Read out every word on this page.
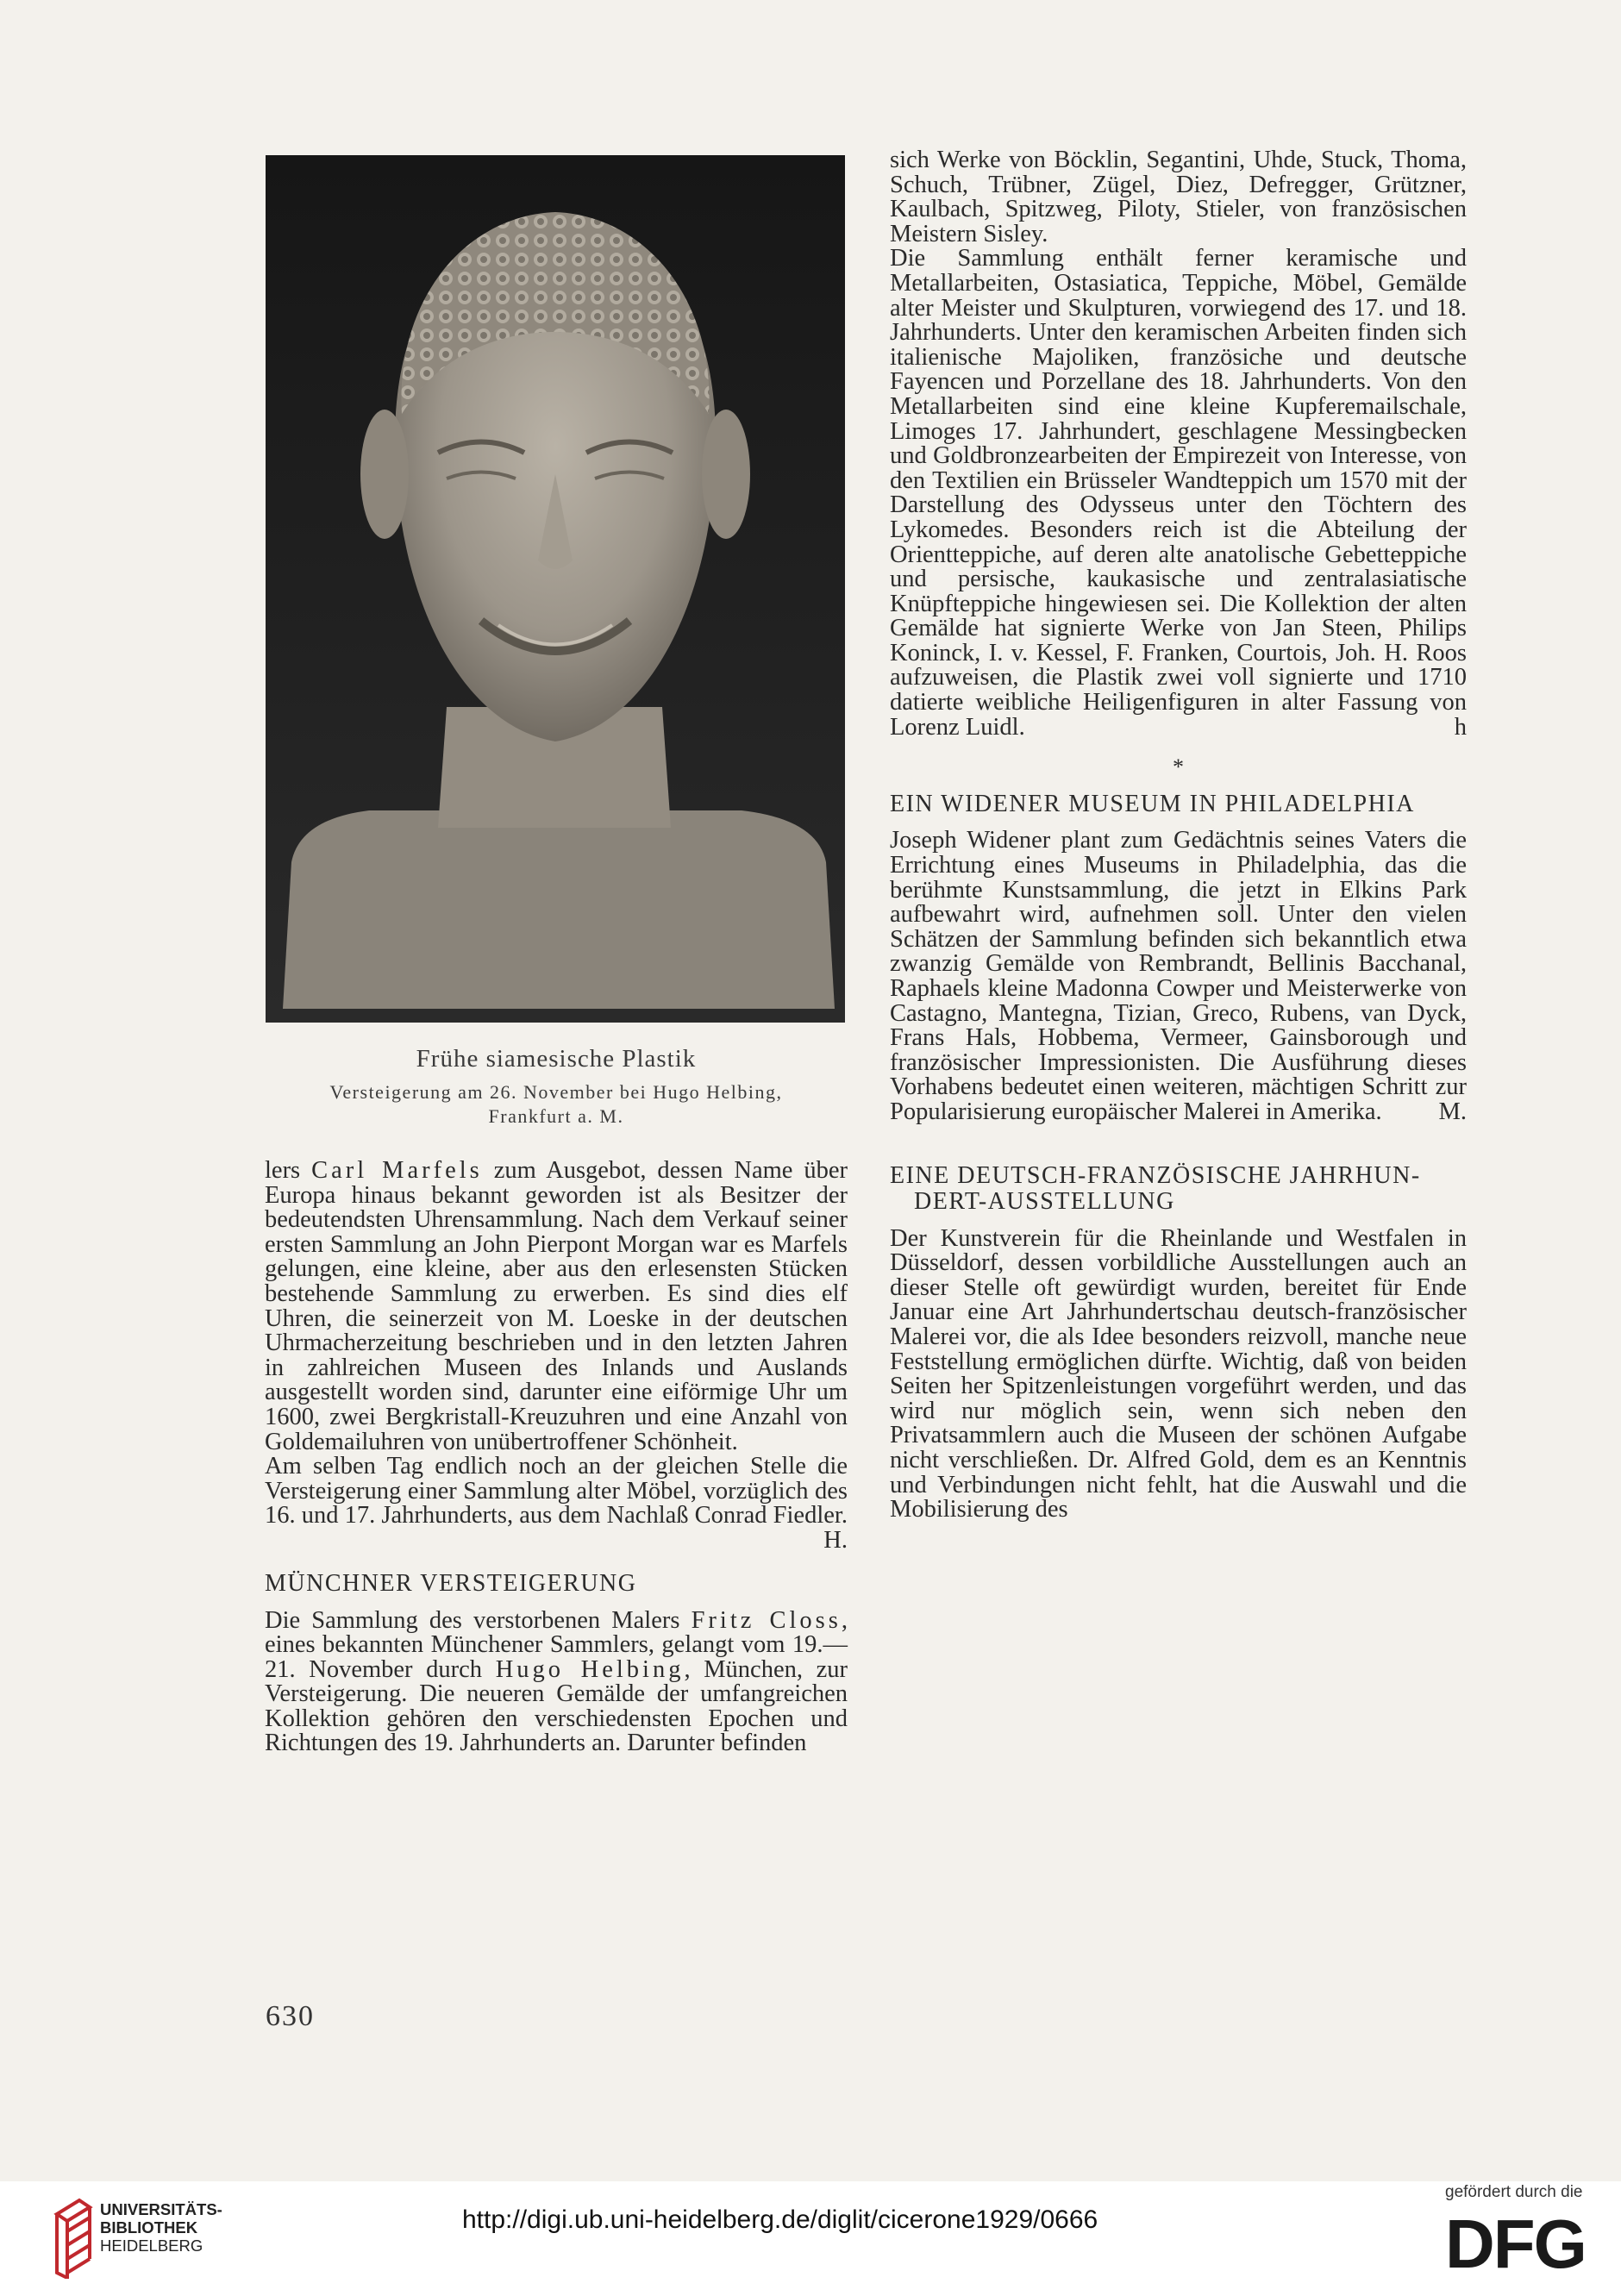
Frühe siamesische Plastik
Versteigerung am 26. November bei Hugo Helbing,
Frankfurt a. M.

lers Carl Marfels zum Ausgebot, dessen Name über Europa hinaus bekannt geworden ist als Besitzer der bedeutendsten Uhrensammlung. Nach dem Verkauf seiner ersten Sammlung an John Pierpont Morgan war es Marfels gelungen, eine kleine, aber aus den erlesensten Stücken bestehende Sammlung zu erwerben. Es sind dies elf Uhren, die seinerzeit von M. Loeske in der deutschen Uhrmacherzeitung beschrieben und in den letzten Jahren in zahlreichen Museen des Inlands und Auslands ausgestellt worden sind, darunter eine eiförmige Uhr um 1600, zwei Bergkristall-Kreuzuhren und eine Anzahl von Goldemailuhren von unübertroffener Schönheit.

Am selben Tag endlich noch an der gleichen Stelle die Versteigerung einer Sammlung alter Möbel, vorzüglich des 16. und 17. Jahrhunderts, aus dem Nachlaß Conrad Fiedler.
H.

MÜNCHNER VERSTEIGERUNG

Die Sammlung des verstorbenen Malers Fritz Closs, eines bekannten Münchener Sammlers, gelangt vom 19.—21. November durch Hugo Helbing, München, zur Versteigerung. Die neueren Gemälde der umfangreichen Kollektion gehören den verschiedensten Epochen und Richtungen des 19. Jahrhunderts an. Darunter befinden

sich Werke von Böcklin, Segantini, Uhde, Stuck, Thoma, Schuch, Trübner, Zügel, Diez, Defregger, Grützner, Kaulbach, Spitzweg, Piloty, Stieler, von französischen Meistern Sisley.

Die Sammlung enthält ferner keramische und Metallarbeiten, Ostasiatica, Teppiche, Möbel, Gemälde alter Meister und Skulpturen, vorwiegend des 17. und 18. Jahrhunderts. Unter den keramischen Arbeiten finden sich italienische Majoliken, französiche und deutsche Fayencen und Porzellane des 18. Jahrhunderts. Von den Metallarbeiten sind eine kleine Kupferemailschale, Limoges 17. Jahrhundert, geschlagene Messingbecken und Goldbronzearbeiten der Empirezeit von Interesse, von den Textilien ein Brüsseler Wandteppich um 1570 mit der Darstellung des Odysseus unter den Töchtern des Lykomedes. Besonders reich ist die Abteilung der Orientteppiche, auf deren alte anatolische Gebetteppiche und persische, kaukasische und zentralasiatische Knüpfteppiche hingewiesen sei. Die Kollektion der alten Gemälde hat signierte Werke von Jan Steen, Philips Koninck, I. v. Kessel, F. Franken, Courtois, Joh. H. Roos aufzuweisen, die Plastik zwei voll signierte und 1710 datierte weibliche Heiligenfiguren in alter Fassung von Lorenz Luidl.	h

*

EIN WIDENER MUSEUM IN PHILADELPHIA

Joseph Widener plant zum Gedächtnis seines Vaters die Errichtung eines Museums in Philadelphia, das die berühmte Kunstsammlung, die jetzt in Elkins Park aufbewahrt wird, aufnehmen soll. Unter den vielen Schätzen der Sammlung befinden sich bekanntlich etwa zwanzig Gemälde von Rembrandt, Bellinis Bacchanal, Raphaels kleine Madonna Cowper und Meisterwerke von Castagno, Mantegna, Tizian, Greco, Rubens, van Dyck, Frans Hals, Hobbema, Vermeer, Gainsborough und französischer Impressionisten. Die Ausführung dieses Vorhabens bedeutet einen weiteren, mächtigen Schritt zur Popularisierung europäischer Malerei in Amerika. M.

EINE DEUTSCH-FRANZÖSISCHE JAHRHUN-
DERT-AUSSTELLUNG

Der Kunstverein für die Rheinlande und Westfalen in Düsseldorf, dessen vorbildliche Ausstellungen auch an dieser Stelle oft gewürdigt wurden, bereitet für Ende Januar eine Art Jahrhundertschau deutsch-französischer Malerei vor, die als Idee besonders reizvoll, manche neue Feststellung ermöglichen dürfte. Wichtig, daß von beiden Seiten her Spitzenleistungen vorgeführt werden, und das wird nur möglich sein, wenn sich neben den Privatsammlern auch die Museen der schönen Aufgabe nicht verschließen. Dr. Alfred Gold, dem es an Kenntnis und Verbindungen nicht fehlt, hat die Auswahl und die Mobilisierung des

630
UNIVERSITÄTS-
BIBLIOTHEK
HEIDELBERG
http://digi.ub.uni-heidelberg.de/diglit/cicerone1929/0666
gefördert durch die
DFG
